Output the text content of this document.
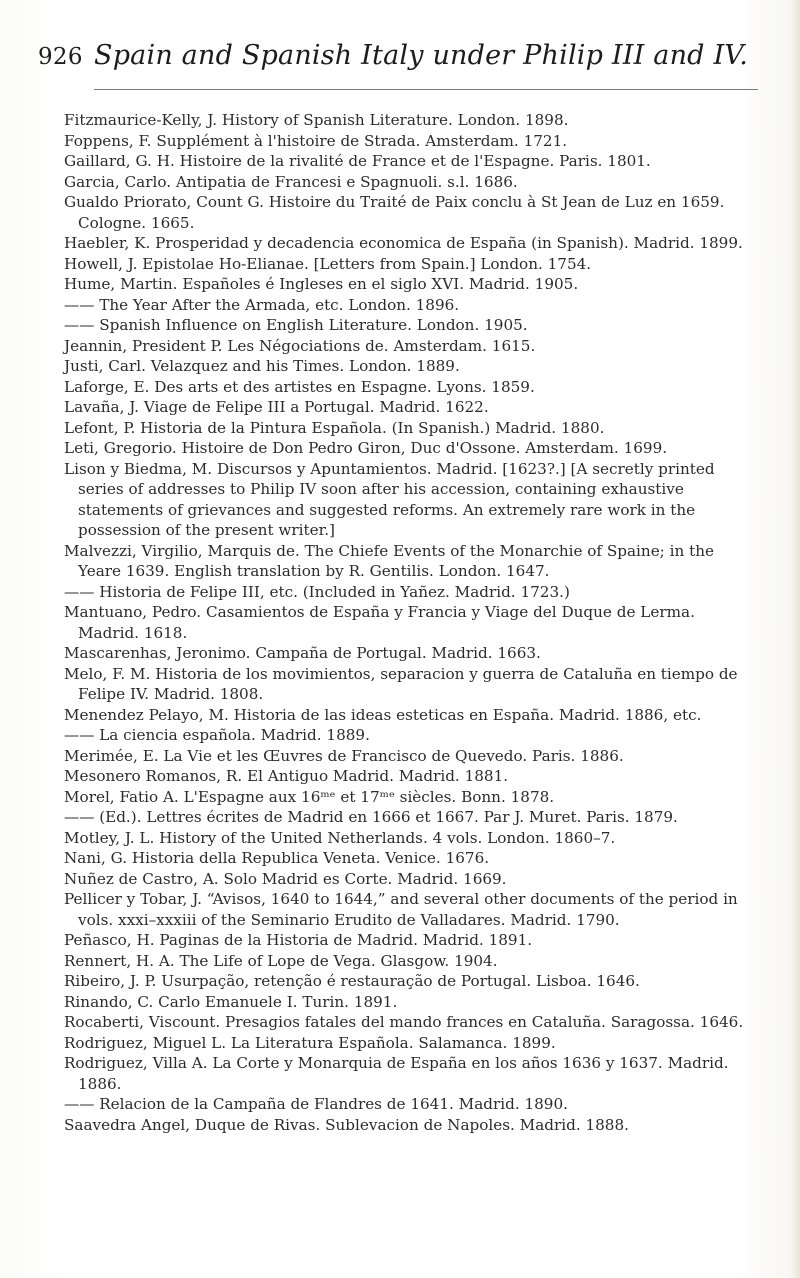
926 Spain and Spanish Italy under Philip III and IV.

Fitzmaurice-Kelly, J. History of Spanish Literature. London. 1898.

Foppens, F. Supplément à l'histoire de Strada. Amsterdam. 1721.

Gaillard, G. H. Histoire de la rivalité de France et de l'Espagne. Paris. 1801.

Garcia, Carlo. Antipatia de Francesi e Spagnuoli. s.l. 1686.

Gualdo Priorato, Count G. Histoire du Traité de Paix conclu à St Jean de Luz en 1659. Cologne. 1665.

Haebler, K. Prosperidad y decadencia economica de España (in Spanish). Madrid. 1899.

Howell, J. Epistolae Ho-Elianae. [Letters from Spain.] London. 1754.

Hume, Martin. Españoles é Ingleses en el siglo XVI. Madrid. 1905.

—— The Year After the Armada, etc. London. 1896.

—— Spanish Influence on English Literature. London. 1905.

Jeannin, President P. Les Négociations de. Amsterdam. 1615.

Justi, Carl. Velazquez and his Times. London. 1889.

Laforge, E. Des arts et des artistes en Espagne. Lyons. 1859.

Lavaña, J. Viage de Felipe III a Portugal. Madrid. 1622.

Lefont, P. Historia de la Pintura Española. (In Spanish.) Madrid. 1880.

Leti, Gregorio. Histoire de Don Pedro Giron, Duc d'Ossone. Amsterdam. 1699.

Lison y Biedma, M. Discursos y Apuntamientos. Madrid. [1623?.] [A secretly printed series of addresses to Philip IV soon after his accession, containing exhaustive statements of grievances and suggested reforms. An extremely rare work in the possession of the present writer.]

Malvezzi, Virgilio, Marquis de. The Chiefe Events of the Monarchie of Spaine; in the Yeare 1639. English translation by R. Gentilis. London. 1647.

—— Historia de Felipe III, etc. (Included in Yañez. Madrid. 1723.)

Mantuano, Pedro. Casamientos de España y Francia y Viage del Duque de Lerma. Madrid. 1618.

Mascarenhas, Jeronimo. Campaña de Portugal. Madrid. 1663.

Melo, F. M. Historia de los movimientos, separacion y guerra de Cataluña en tiempo de Felipe IV. Madrid. 1808.

Menendez Pelayo, M. Historia de las ideas esteticas en España. Madrid. 1886, etc.

—— La ciencia española. Madrid. 1889.

Merimée, E. La Vie et les Œuvres de Francisco de Quevedo. Paris. 1886.

Mesonero Romanos, R. El Antiguo Madrid. Madrid. 1881.

Morel, Fatio A. L'Espagne aux 16ᵐᵉ et 17ᵐᵉ siècles. Bonn. 1878.

—— (Ed.). Lettres écrites de Madrid en 1666 et 1667. Par J. Muret. Paris. 1879.

Motley, J. L. History of the United Netherlands. 4 vols. London. 1860–7.

Nani, G. Historia della Republica Veneta. Venice. 1676.

Nuñez de Castro, A. Solo Madrid es Corte. Madrid. 1669.

Pellicer y Tobar, J. “Avisos, 1640 to 1644,” and several other documents of the period in vols. xxxi–xxxiii of the Seminario Erudito de Valladares. Madrid. 1790.

Peñasco, H. Paginas de la Historia de Madrid. Madrid. 1891.

Rennert, H. A. The Life of Lope de Vega. Glasgow. 1904.

Ribeiro, J. P. Usurpação, retenção é restauração de Portugal. Lisboa. 1646.

Rinando, C. Carlo Emanuele I. Turin. 1891.

Rocaberti, Viscount. Presagios fatales del mando frances en Cataluña. Saragossa. 1646.

Rodriguez, Miguel L. La Literatura Española. Salamanca. 1899.

Rodriguez, Villa A. La Corte y Monarquia de España en los años 1636 y 1637. Madrid. 1886.

—— Relacion de la Campaña de Flandres de 1641. Madrid. 1890.

Saavedra Angel, Duque de Rivas. Sublevacion de Napoles. Madrid. 1888.
